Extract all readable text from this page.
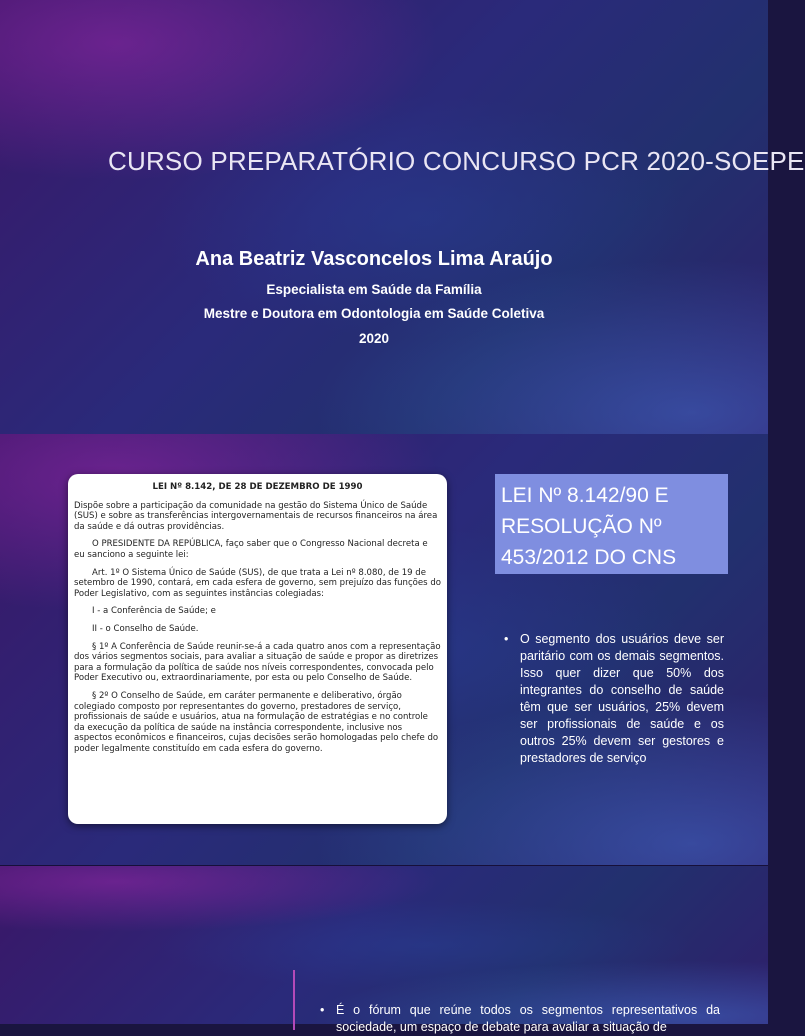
CURSO PREPARATÓRIO CONCURSO PCR 2020-SOEPE
Ana Beatriz Vasconcelos Lima Araújo
Especialista em Saúde da Família
Mestre e Doutora em Odontologia em Saúde Coletiva
2020
LEI Nº 8.142, DE 28 DE DEZEMBRO DE 1990

Dispõe sobre a participação da comunidade na gestão do Sistema Único de Saúde (SUS) e sobre as transferências intergovernamentais de recursos financeiros na área da saúde e dá outras providências.

O PRESIDENTE DA REPÚBLICA, faço saber que o Congresso Nacional decreta e eu sanciono a seguinte lei:

Art. 1º O Sistema Único de Saúde (SUS), de que trata a Lei nº 8.080, de 19 de setembro de 1990, contará, em cada esfera de governo, sem prejuízo das funções do Poder Legislativo, com as seguintes instâncias colegiadas:

I - a Conferência de Saúde; e

II - o Conselho de Saúde.

§ 1º A Conferência de Saúde reunir-se-á a cada quatro anos com a representação dos vários segmentos sociais, para avaliar a situação de saúde e propor as diretrizes para a formulação da política de saúde nos níveis correspondentes, convocada pelo Poder Executivo ou, extraordinariamente, por esta ou pelo Conselho de Saúde.

§ 2º O Conselho de Saúde, em caráter permanente e deliberativo, órgão colegiado composto por representantes do governo, prestadores de serviço, profissionais de saúde e usuários, atua na formulação de estratégias e no controle da execução da política de saúde na instância correspondente, inclusive nos aspectos econômicos e financeiros, cujas decisões serão homologadas pelo chefe do poder legalmente constituído em cada esfera do governo.

LEI Nº 8.142/90 E RESOLUÇÃO Nº 453/2012 DO CNS
• O segmento dos usuários deve ser paritário com os demais segmentos. Isso quer dizer que 50% dos integrantes do conselho de saúde têm que ser usuários, 25% devem ser profissionais de saúde e os outros 25% devem ser gestores e prestadores de serviço
• É o fórum que reúne todos os segmentos representativos da sociedade, um espaço de debate para avaliar a situação de
